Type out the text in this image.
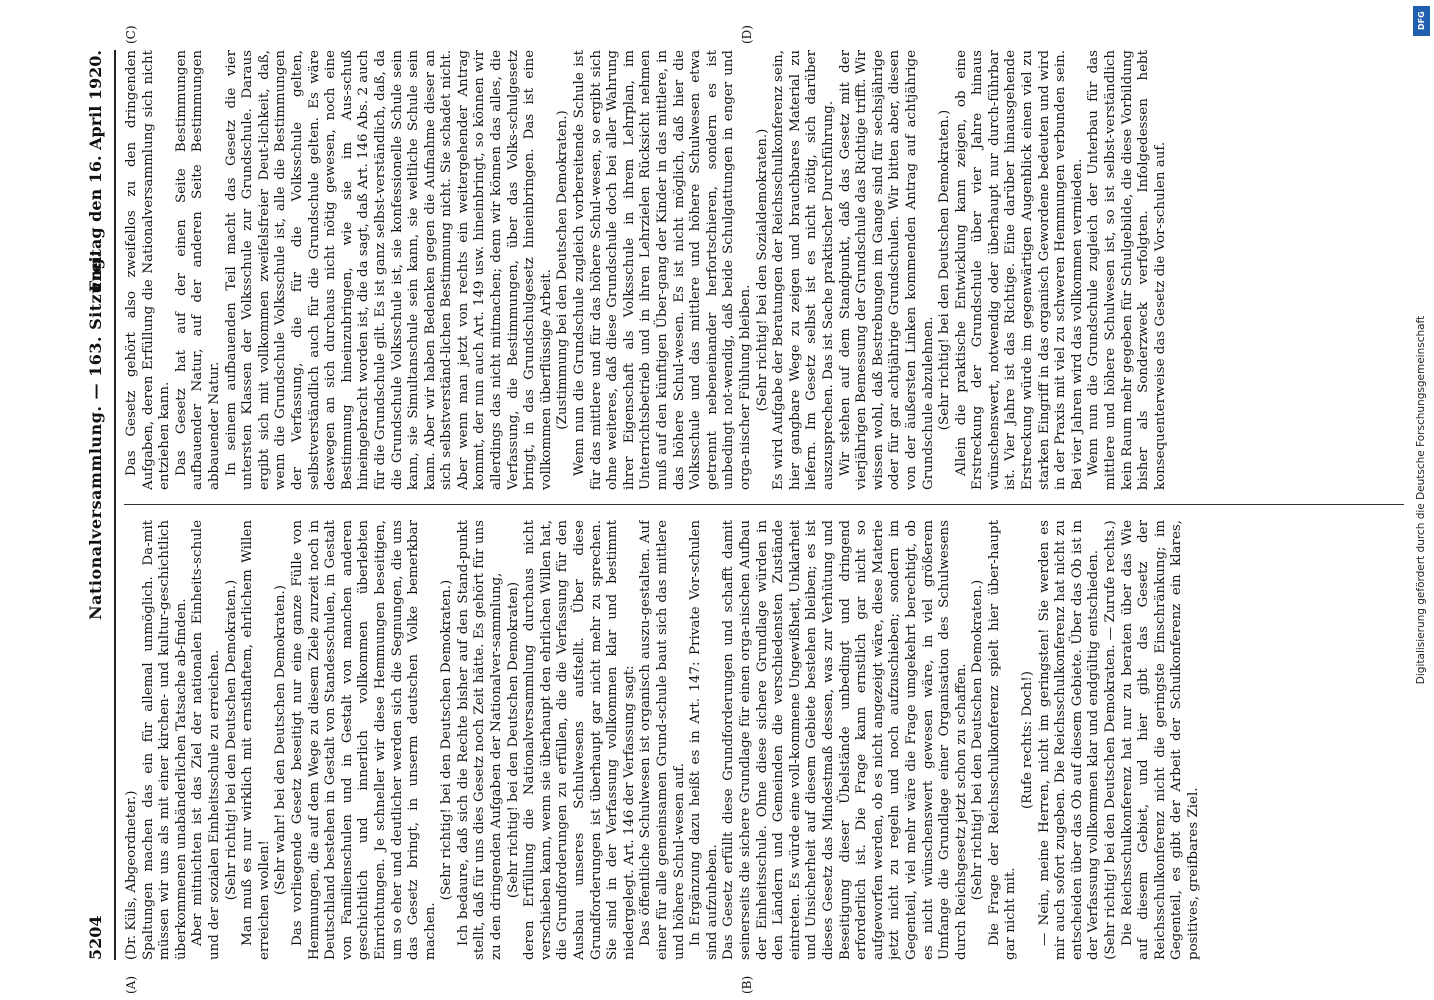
5204
Nationalversammlung. — 163. Sitzung.
Freitag den 16. April 1920.

(Dr. Küls, Abgeordneter.) Spaltungen machen das ein für allemal unmöglich. Da-mit müssen wir uns als mit einer kirchen- und kultur-geschichtlich überkommenen unabänderlichen Tatsache ab-finden. Aber mitnichten ist das Ziel der nationalen Einheits-schule und der sozialen Einheitsschule zu erreichen. (Sehr richtig! bei den Deutschen Demokraten.) Man muß es nur wirklich mit ernsthaftem, ehrlichem Willen erreichen wollen!

(Sehr wahr! bei den Deutschen Demokraten.) Das vorliegende Gesetz beseitigt nur eine ganze Fülle von Hemmungen, die auf dem Wege zu diesem Ziele zurzeit noch in Deutschland bestehen in Gestalt von Standesschulen, in Gestalt von Familienschulen und in Gestalt von manchen anderen geschichtlich und innerlich vollkommen überlebten Einrichtungen. Je schneller wir diese Hemmungen beseitigen, um so eher und deutlicher werden sich die Segnungen, die uns das Gesetz bringt, in unserm deutschen Volke bemerkbar machen.

(Sehr richtig! bei den Deutschen Demokraten.) Ich bedaure, daß sich die Rechte bisher auf den Stand-punkt stellt, daß für uns dies Gesetz noch Zeit hätte. Es gehört für uns zu den dringenden Aufgaben der Nationalver-sammlung, (Sehr richtig! bei den Deutschen Demokraten) deren Erfüllung die Nationalversammlung durchaus nicht verschieben kann, wenn sie überhaupt den ehrlichen Willen hat, die Grundforderungen zu erfüllen, die die Verfassung für den Ausbau unseres Schulwesens aufstellt. Über diese Grundforderungen ist überhaupt gar nicht mehr zu sprechen. Sie sind in der Verfassung vollkommen klar und bestimmt niedergelegt. Art. 146 der Verfassung sagt: Das öffentliche Schulwesen ist organisch auszu-gestalten. Auf einer für alle gemeinsamen Grund-schule baut sich das mittlere und höhere Schul-wesen auf. In Ergänzung dazu heißt es in Art. 147: Private Vor-schulen sind aufzuheben. Das Gesetz erfüllt diese Grundforderungen und schafft damit seinerseits die sichere Grundlage für einen orga-nischen Aufbau der Einheitsschule. Ohne diese sichere Grundlage würden in den Ländern und Gemeinden die verschiedensten Zustände eintreten. Es würde eine voll-kommene Ungewißheit, Unklarheit und Unsicherheit auf diesem Gebiete bestehen bleiben; es ist dieses Gesetz das Mindestmaß dessen, was zur Verhütung und Beseitigung dieser Übelstände unbedingt und dringend erforderlich ist. Die Frage kann ernstlich gar nicht so aufgeworfen werden, ob es nicht angezeigt wäre, diese Materie jetzt nicht zu regeln und noch aufzuschieben; sondern im Gegenteil, viel mehr wäre die Frage umgekehrt berechtigt, ob es nicht wünschenswert gewesen wäre, in viel größerem Umfange die Grundlage einer Organisation des Schulwesens durch Reichsgesetz jetzt schon zu schaffen. (Sehr richtig! bei den Deutschen Demokraten.) Die Frage der Reichsschulkonferenz spielt hier über-haupt gar nicht mit.

(Rufe rechts: Doch!) — Nein, meine Herren, nicht im geringsten! Sie werden es mir auch sofort zugeben. Die Reichsschulkonferenz hat nicht zu entscheiden über das Ob auf diesem Gebiete. Über das Ob ist in der Verfassung vollkommen klar und endgültig entschieden. (Sehr richtig! bei den Deutschen Demokraten. — Zurufe rechts.) Die Reichsschulkonferenz hat nur zu beraten über das Wie auf diesem Gebiet, und hier gibt das Gesetz der Reichsschulkonferenz nicht die geringste Einschränkung; im Gegenteil, es gibt der Arbeit der Schulkonferenz ein klares, positives, greifbares Ziel.

Das Gesetz gehört also zweifellos zu den dringenden Aufgaben, deren Erfüllung die Nationalversammlung sich nicht entziehen kann. Das Gesetz hat auf der einen Seite Bestimmungen aufbauender Natur, auf der anderen Seite Bestimmungen abbauender Natur. In seinem aufbauenden Teil macht das Gesetz die vier untersten Klassen der Volksschule zur Grundschule. Daraus ergibt sich mit vollkommen zweifelsfreier Deut-lichkeit, daß, wenn die Grundschule Volksschule ist, alle die Bestimmungen der Verfassung, die für die Volksschule gelten, selbstverständlich auch für die Grundschule gelten. Es wäre deswegen an sich durchaus nicht nötig gewesen, noch eine Bestimmung hineinzubringen, wie sie im Aus-schuß hineingebracht worden ist, die da sagt, daß Art. 146 Abs. 2 auch für die Grundschule gilt. Es ist ganz selbst-verständlich, daß, da die Grundschule Volksschule ist, sie konfessionelle Schule sein kann, sie Simultanschule sein kann, sie weltliche Schule sein kann. Aber wir haben Bedenken gegen die Aufnahme dieser an sich selbstverständ-lichen Bestimmung nicht. Sie schadet nicht. Aber wenn man jetzt von rechts ein weitergehender Antrag kommt, der nun auch Art. 149 usw. hineinbringt, so können wir allerdings das nicht mitmachen; denn wir können das alles, die Verfassung, die Bestimmungen, über das Volks-schulgesetz bringt, in das Grundschulgesetz hineinbringen. Das ist eine vollkommen überflüssige Arbeit. (Zustimmung bei den Deutschen Demokraten.) Wenn nun die Grundschule zugleich vorbereitende Schule ist für das mittlere und für das höhere Schul-wesen, so ergibt sich ohne weiteres, daß diese Grundschule doch bei aller Wahrung ihrer Eigenschaft als Volksschule in ihrem Lehrplan, im Unterrichtsbetrieb und in ihren Lehrzielen Rücksicht nehmen muß auf den künftigen Über-gang der Kinder in das mittlere, in das höhere Schul-wesen. Es ist nicht möglich, daß hier die Volksschule und das mittlere und höhere Schulwesen etwa getrennt nebeneinander herfortschieren, sondern es ist unbedingt not-wendig, daß beide Schulgattungen in enger und orga-nischer Fühlung bleiben. (Sehr richtig! bei den Sozialdemokraten.) Es wird Aufgabe der Beratungen der Reichsschulkonferenz sein, hier gangbare Wege zu zeigen und brauchbares Material zu liefern. Im Gesetz selbst ist es nicht nötig, sich darüber auszusprechen. Das ist Sache praktischer Durchführung. Wir stehen auf dem Standpunkt, daß das Gesetz mit der vierjährigen Bemessung der Grundschule das Richtige trifft. Wir wissen wohl, daß Bestrebungen im Gange sind für sechsjährige oder für gar achtjährige Grundschulen. Wir bitten aber, diesen von der äußersten Linken kommenden Antrag auf achtjährige Grundschule abzulehnen. (Sehr richtig! bei den Deutschen Demokraten.) Allein die praktische Entwicklung kann zeigen, ob eine Erstreckung der Grundschule über vier Jahre hinaus wünschenswert, notwendig oder überhaupt nur durch-führbar ist. Vier Jahre ist das Richtige. Eine darüber hinausgehende Erstreckung würde im gegenwärtigen Augenblick einen viel zu starken Eingriff in das organisch Gewordene bedeuten und wird in der Praxis mit viel zu schweren Hemmungen verbunden sein. Bei vier Jahren wird das vollkommen vermieden. Wenn nun die Grundschule zugleich der Unterbau für das mittlere und höhere Schulwesen ist, so ist selbst-verständlich kein Raum mehr gegeben für Schulgebilde, die diese Vorbildung bisher als Sonderzweck verfolgten. Infolgedessen hebt konsequenterweise das Gesetz die Vor-schulen auf.

(A)	(B)
(C)	(D)
DFG
Digitalisierung gefördert durch die Deutsche Forschungsgemeinschaft
